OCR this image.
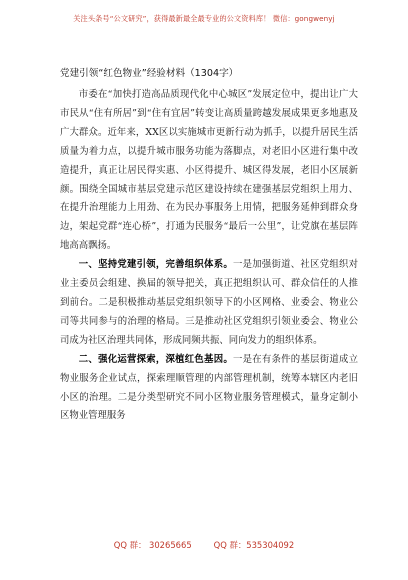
关注头条号“公文研究”，获得最新最全最专业的公文资料库！ 微信：gongwenyj
党建引领“红色物业”经验材料（1304字）

市委在“加快打造高品质现代化中心城区”发展定位中，提出让广大市民从“住有所居”到“住有宜居”转变让高质量跨越发展成果更多地惠及广大群众。近年来，XX区以实施城市更新行动为抓手，以提升居民生活质量为着力点，以提升城市服务功能为落脚点，对老旧小区进行集中改造提升，真正让居民得实惠、小区得提升、城区得发展，老旧小区展新颜。围绕全国城市基层党建示范区建设持续在建强基层党组织上用力、在提升治理能力上用劲、在为民办事服务上用情，把服务延伸到群众身边，架起党群“连心桥”，打通为民服务“最后一公里”，让党旗在基层阵地高高飘扬。

一、坚持党建引领，完善组织体系。一是加强街道、社区党组织对业主委员会组建、换届的领导把关，真正把组织认可、群众信任的人推到前台。二是积极推动基层党组织领导下的小区网格、业委会、物业公司等共同参与的治理的格局。三是推动社区党组织引领业委会、物业公司成为社区治理共同体，形成同频共振、同向发力的组织体系。

二、强化运营探索，深植红色基因。一是在有条件的基层街道成立物业服务企业试点，探索理顺管理的内部管理机制，统筹本辖区内老旧小区的治理。二是分类型研究不同小区物业服务管理模式，量身定制小区物业管理服务

QQ 群： 30265665	QQ 群：535304092
